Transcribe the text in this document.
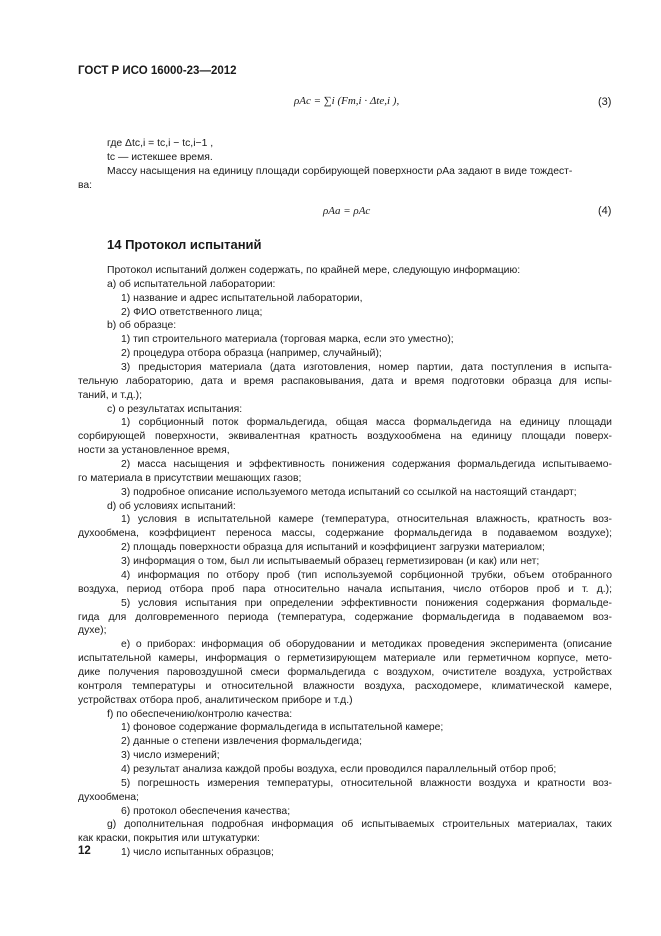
ГОСТ Р ИСО 16000-23—2012
ρAc = ∑i (Fm,i · Δte,i ),	(3)
где Δtc,i = tc,i − tc,i−1 ,
tc — истекшее время.
Массу насыщения на единицу площади сорбирующей поверхности ρAa задают в виде тождест-
ва:
ρAa = ρAc	(4)
14 Протокол испытаний
Протокол испытаний должен содержать, по крайней мере, следующую информацию:
а) об испытательной лаборатории:
1) название и адрес испытательной лаборатории,
2) ФИО ответственного лица;
b) об образце:
1) тип строительного материала (торговая марка, если это уместно);
2) процедура отбора образца (например, случайный);
3) предыстория материала (дата изготовления, номер партии, дата поступления в испыта-
тельную лабораторию, дата и время распаковывания, дата и время подготовки образца для испы-
таний, и т.д.);
с) о результатах испытания:
1) сорбционный поток формальдегида, общая масса формальдегида на единицу площади
сорбирующей поверхности, эквивалентная кратность воздухообмена на единицу площади поверх-
ности за установленное время,
2) масса насыщения и эффективность понижения содержания формальдегида испытываемо-
го материала в присутствии мешающих газов;
3) подробное описание используемого метода испытаний со ссылкой на настоящий стандарт;
d) об условиях испытаний:
1) условия в испытательной камере (температура, относительная влажность, кратность воз-
духообмена, коэффициент переноса массы, содержание формальдегида в подаваемом воздухе);
2) площадь поверхности образца для испытаний и коэффициент загрузки материалом;
3) информация о том, был ли испытываемый образец герметизирован (и как) или нет;
4) информация по отбору проб (тип используемой сорбционной трубки, объем отобранного
воздуха, период отбора проб пара относительно начала испытания, число отборов проб и т. д.);
5) условия испытания при определении эффективности понижения содержания формальде-
гида для долговременного периода (температура, содержание формальдегида в подаваемом воз-
духе);
е) о приборах: информация об оборудовании и методиках проведения эксперимента (описание
испытательной камеры, информация о герметизирующем материале или герметичном корпусе, мето-
дике получения паровоздушной смеси формальдегида с воздухом, очистителе воздуха, устройствах
контроля температуры и относительной влажности воздуха, расходомере, климатической камере,
устройствах отбора проб, аналитическом приборе и т.д.)
f) по обеспечению/контролю качества:
1) фоновое содержание формальдегида в испытательной камере;
2) данные о степени извлечения формальдегида;
3) число измерений;
4) результат анализа каждой пробы воздуха, если проводился параллельный отбор проб;
5) погрешность измерения температуры, относительной влажности воздуха и кратности воз-
духообмена;
6) протокол обеспечения качества;
g) дополнительная подробная информация об испытываемых строительных материалах, таких
как краски, покрытия или штукатурки:
1) число испытанных образцов;
12
